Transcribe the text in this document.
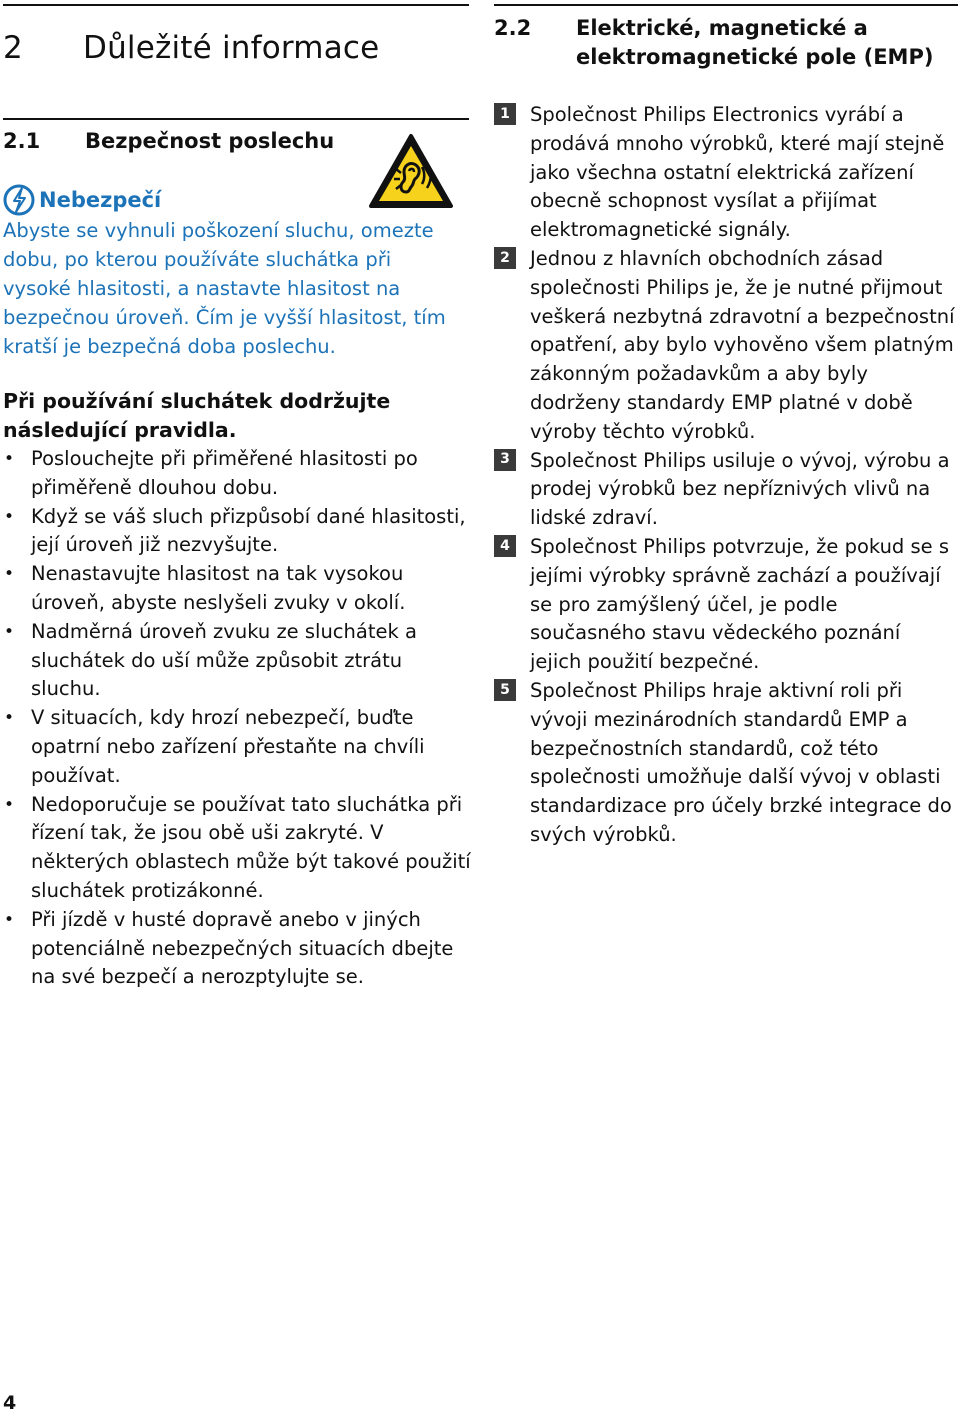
2 Důležité informace
2.1 Bezpečnost poslechu
Nebezpečí

Abyste se vyhnuli poškození sluchu, omezte dobu, po kterou používáte sluchátka při vysoké hlasitosti, a nastavte hlasitost na bezpečnou úroveň. Čím je vyšší hlasitost, tím kratší je bezpečná doba poslechu.

Při používání sluchátek dodržujte následující pravidla.
• Poslouchejte při přiměřené hlasitosti po přiměřeně dlouhou dobu.
• Když se váš sluch přizpůsobí dané hlasitosti, její úroveň již nezvyšujte.
• Nenastavujte hlasitost na tak vysokou úroveň, abyste neslyšeli zvuky v okolí.
• Nadměrná úroveň zvuku ze sluchátek a sluchátek do uší může způsobit ztrátu sluchu.
• V situacích, kdy hrozí nebezpečí, buďte opatrní nebo zařízení přestaňte na chvíli používat.
• Nedoporučuje se používat tato sluchátka při řízení tak, že jsou obě uši zakryté. V některých oblastech může být takové použití sluchátek protizákonné.
• Při jízdě v husté dopravě anebo v jiných potenciálně nebezpečných situacích dbejte na své bezpečí a nerozptylujte se.
2.2	Elektrické, magnetické a elektromagnetické pole (EMP)
1	Společnost Philips Electronics vyrábí a prodává mnoho výrobků, které mají stejně jako všechna ostatní elektrická zařízení obecně schopnost vysílat a přijímat elektromagnetické signály.
2	Jednou z hlavních obchodních zásad společnosti Philips je, že je nutné přijmout veškerá nezbytná zdravotní a bezpečnostní opatření, aby bylo vyhověno všem platným zákonným požadavkům a aby byly dodrženy standardy EMP platné v době výroby těchto výrobků.
3	Společnost Philips usiluje o vývoj, výrobu a prodej výrobků bez nepříznivých vlivů na lidské zdraví.
4	Společnost Philips potvrzuje, že pokud se s jejími výrobky správně zachází a používají se pro zamýšlený účel, je podle současného stavu vědeckého poznání jejich použití bezpečné.
5	Společnost Philips hraje aktivní roli při vývoji mezinárodních standardů EMP a bezpečnostních standardů, což této společnosti umožňuje další vývoj v oblasti standardizace pro účely brzké integrace do svých výrobků.
4
